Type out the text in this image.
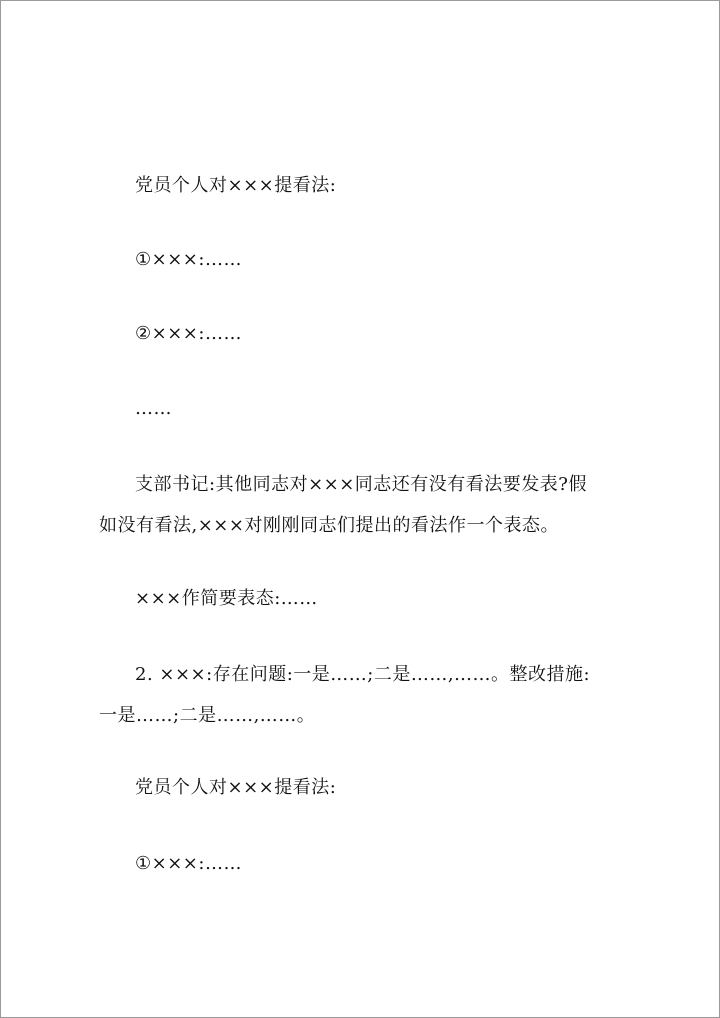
党员个人对×××提看法:
①×××:……
②×××:……
……
支部书记:其他同志对×××同志还有没有看法要发表?假
如没有看法,×××对刚刚同志们提出的看法作一个表态。
×××作简要表态:……
2. ×××:存在问题:一是……;二是……,……。整改措施:
一是……;二是……,……。
党员个人对×××提看法:
①×××:……
